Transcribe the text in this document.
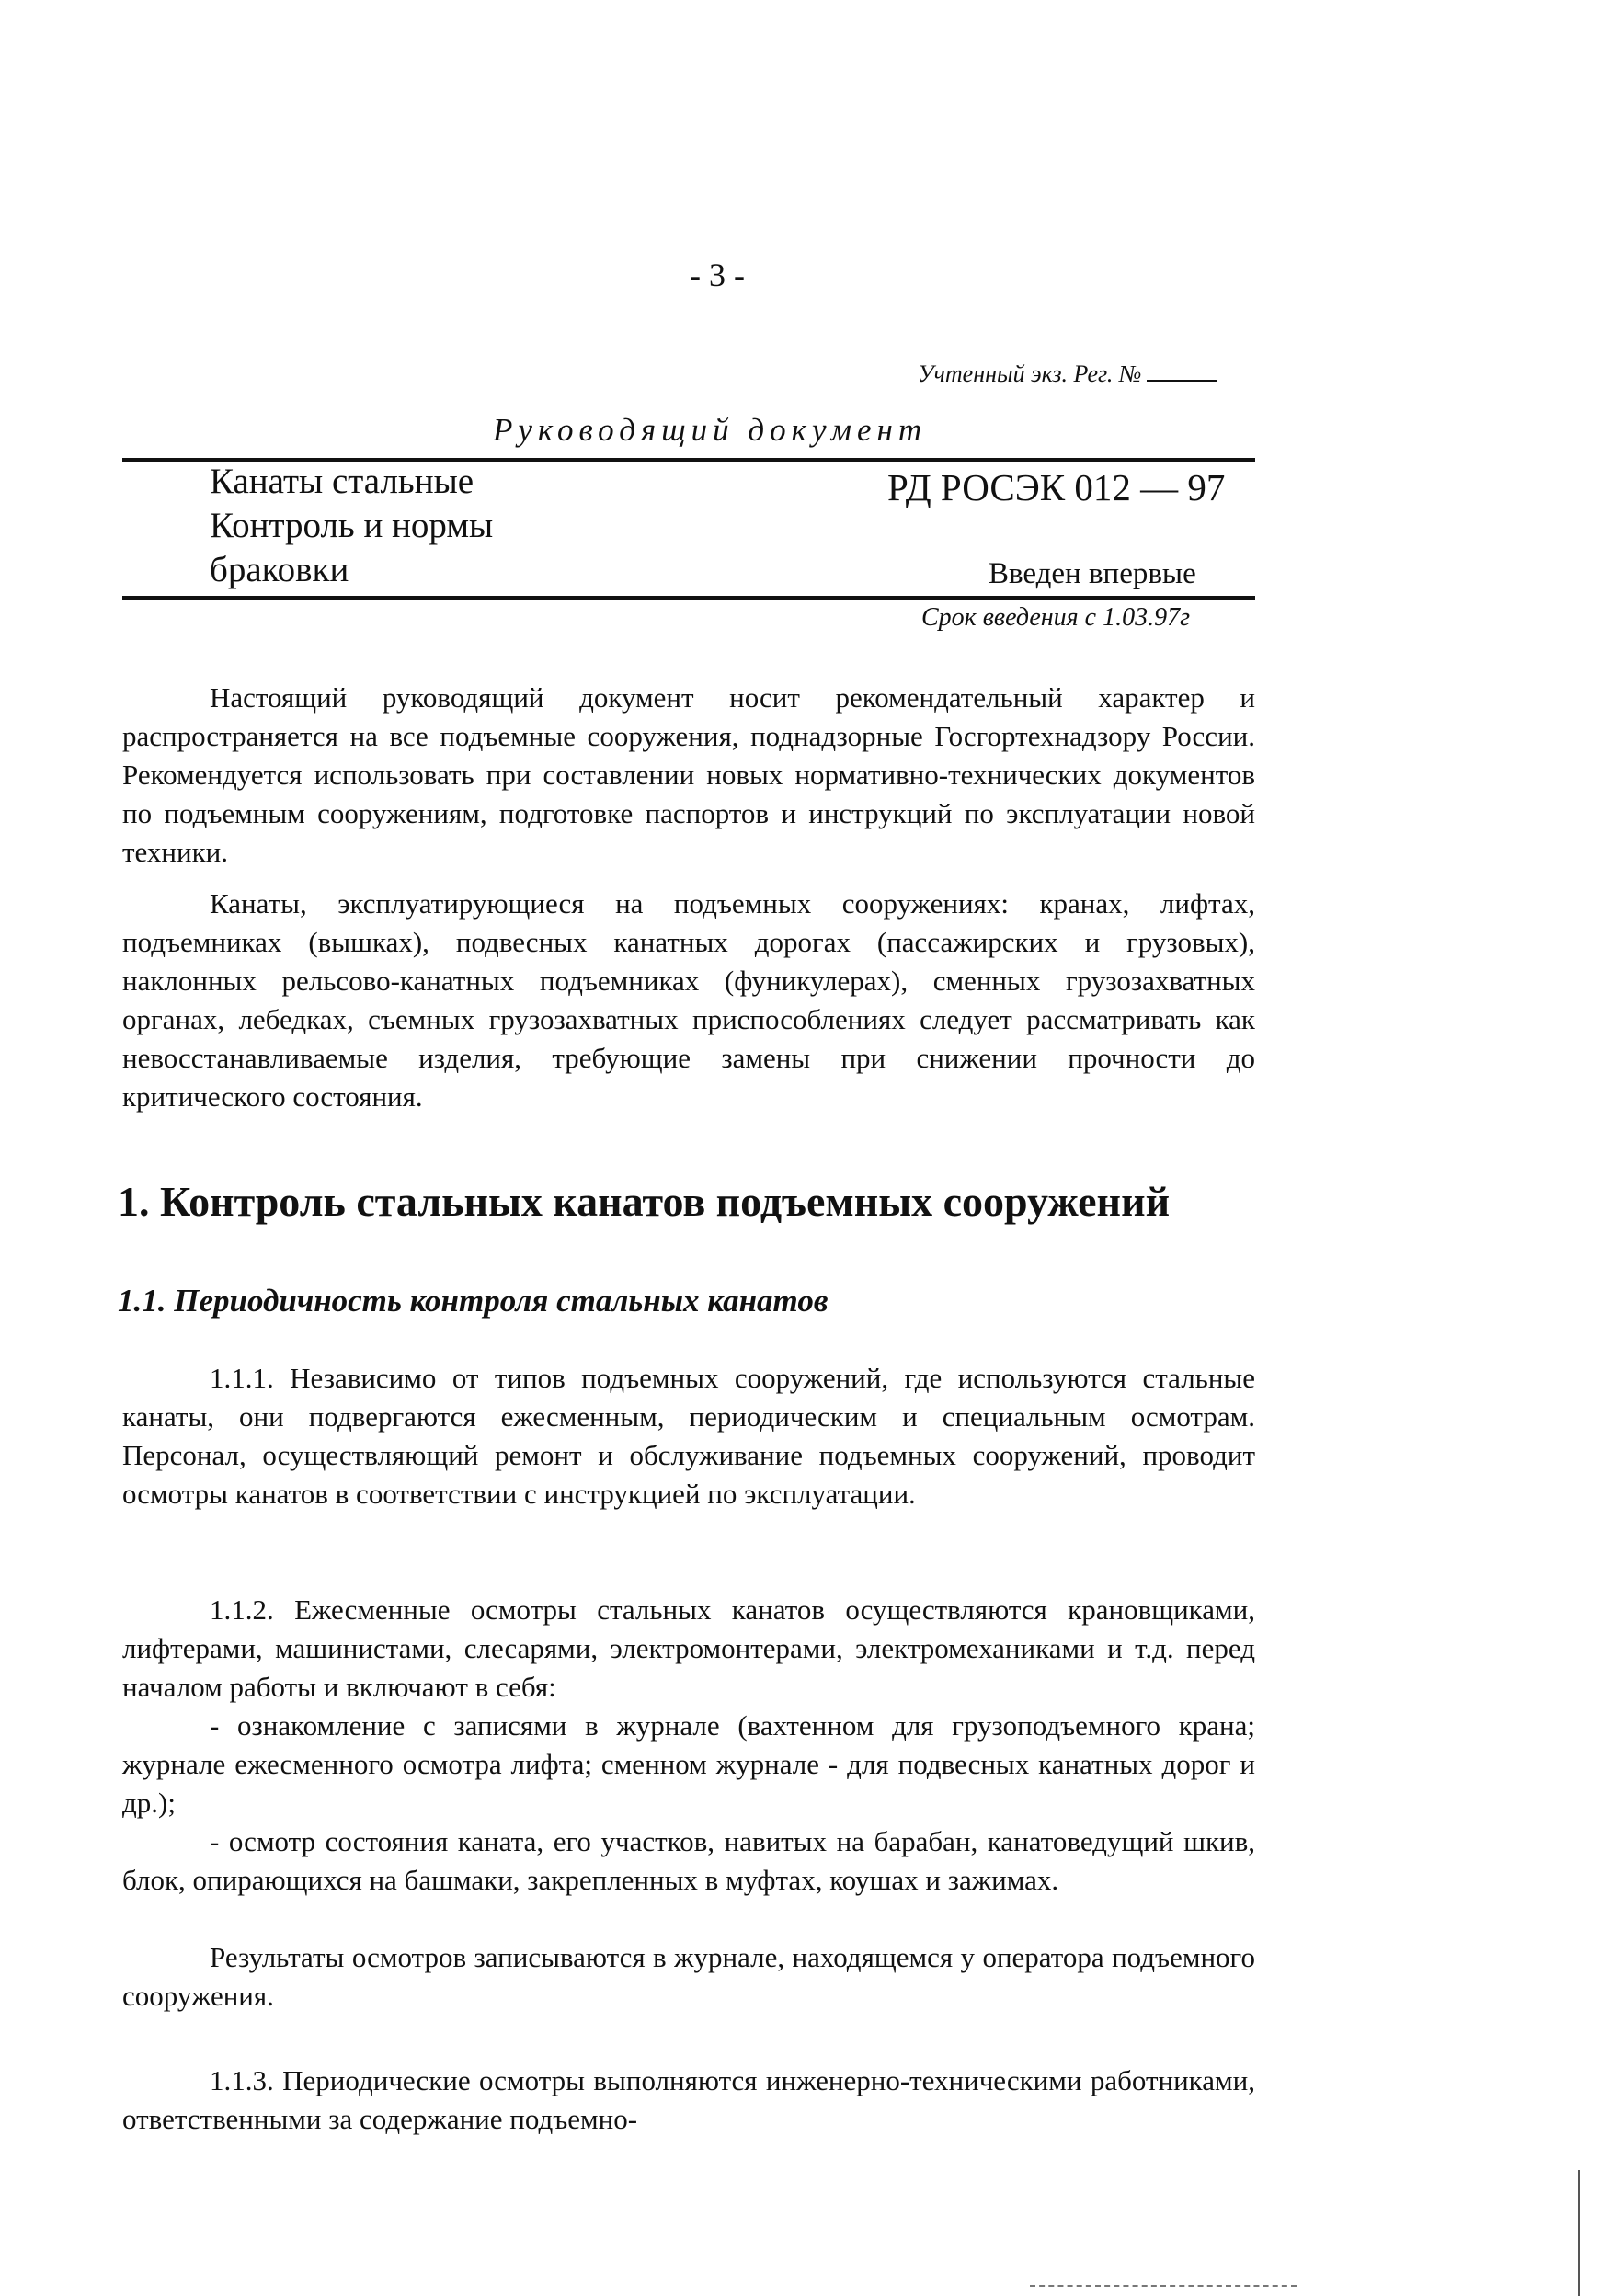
- 3 -
Учтенный экз. Рег. №
Руководящий документ
Канаты стальные
Контроль и нормы
браковки
РД РОСЭК 012 — 97
Введен впервые
Срок введения с 1.03.97г

Настоящий руководящий документ носит рекомендательный характер и распространяется на все подъемные сооружения, поднадзорные Госгортехнадзору России. Рекомендуется использовать при составлении новых нормативно-технических документов по подъемным сооружениям, подготовке паспортов и инструкций по эксплуатации новой техники.

Канаты, эксплуатирующиеся на подъемных сооружениях: кранах, лифтах, подъемниках (вышках), подвесных канатных дорогах (пассажирских и грузовых), наклонных рельсово-канатных подъемниках (фуникулерах), сменных грузозахватных органах, лебедках, съемных грузозахватных приспособлениях следует рассматривать как невосстанавливаемые изделия, требующие замены при снижении прочности до критического состояния.

1. Контроль стальных канатов подъемных сооружений
1.1. Периодичность контроля стальных канатов

1.1.1. Независимо от типов подъемных сооружений, где используются стальные канаты, они подвергаются ежесменным, периодическим и специальным осмотрам. Персонал, осуществляющий ремонт и обслуживание подъемных сооружений, проводит осмотры канатов в соответствии с инструкцией по эксплуатации.

1.1.2. Ежесменные осмотры стальных канатов осуществляются крановщиками, лифтерами, машинистами, слесарями, электромонтерами, электромеханиками и т.д. перед началом работы и включают в себя:

- ознакомление с записями в журнале (вахтенном для грузоподъемного крана; журнале ежесменного осмотра лифта; сменном журнале - для подвесных канатных дорог и др.);

- осмотр состояния каната, его участков, навитых на барабан, канатоведущий шкив, блок, опирающихся на башмаки, закрепленных в муфтах, коушах и зажимах.

Результаты осмотров записываются в журнале, находящемся у оператора подъемного сооружения.

1.1.3. Периодические осмотры выполняются инженерно-техническими работниками, ответственными за содержание подъемно-
